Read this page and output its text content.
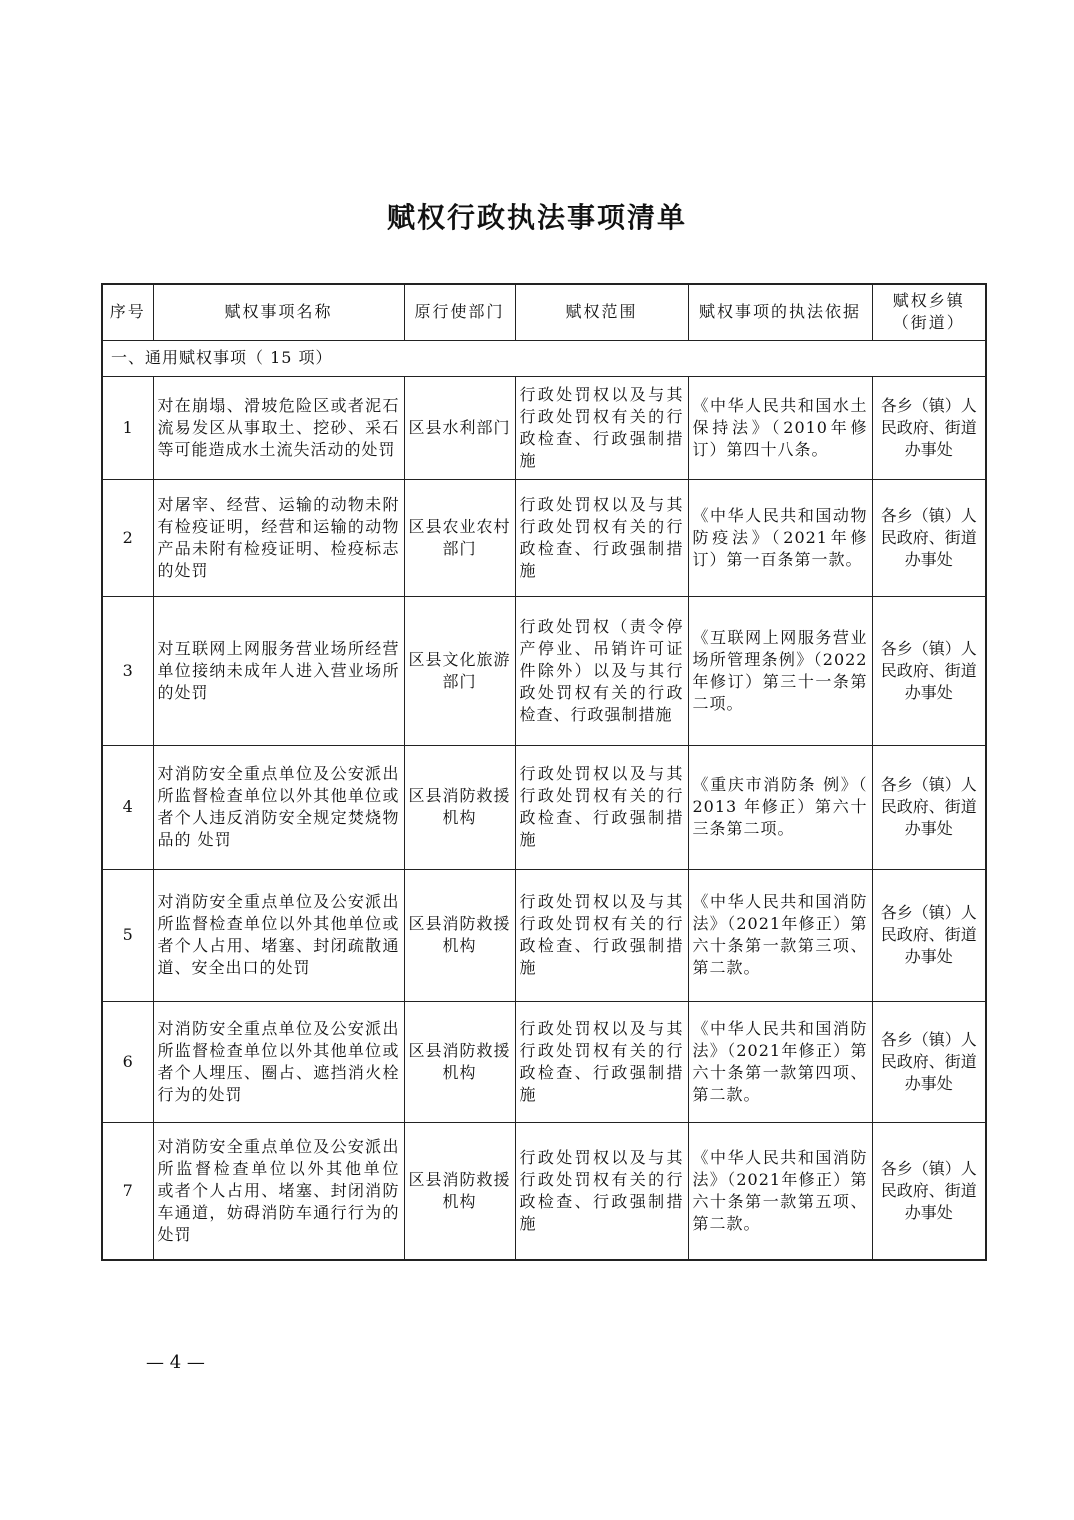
赋权行政执法事项清单
序号	赋权事项名称	原行使部门	赋权范围	赋权事项的执法依据	赋权乡镇（街道）
一、通用赋权事项（ 15 项）					
1	对在崩塌、滑坡危险区或者泥石流易发区从事取土、挖砂、采石等可能造成水土流失活动的处罚	区县水利部门	行政处罚权以及与其行政处罚权有关的行政检查、行政强制措施	《中华人民共和国水土保持法》（2010年修订）第四十八条。	各乡（镇）人民政府、街道办事处
2	对屠宰、经营、运输的动物未附有检疫证明，经营和运输的动物产品未附有检疫证明、检疫标志的处罚	区县农业农村部门	行政处罚权以及与其行政处罚权有关的行政检查、行政强制措施	《中华人民共和国动物防疫法》（2021年修订）第一百条第一款。	各乡（镇）人民政府、街道办事处
3	对互联网上网服务营业场所经营单位接纳未成年人进入营业场所的处罚	区县文化旅游部门	行政处罚权（责令停产停业、吊销许可证件除外）以及与其行政处罚权有关的行政检查、行政强制措施	《互联网上网服务营业场所管理条例》（2022 年修订）第三十一条第二项。	各乡（镇）人民政府、街道办事处
4	对消防安全重点单位及公安派出所监督检查单位以外其他单位或者个人违反消防安全规定焚烧物品的 处罚	区县消防救援机构	行政处罚权以及与其行政处罚权有关的行政检查、行政强制措施	《重庆市消防条 例》（ 2013 年修正）第六十三条第二项。	各乡（镇）人民政府、街道办事处
5	对消防安全重点单位及公安派出所监督检查单位以外其他单位或者个人占用、堵塞、封闭疏散通道、安全出口的处罚	区县消防救援机构	行政处罚权以及与其行政处罚权有关的行政检查、行政强制措施	《中华人民共和国消防法》（2021年修正）第六十条第一款第三项、第二款。	各乡（镇）人民政府、街道办事处
6	对消防安全重点单位及公安派出所监督检查单位以外其他单位或者个人埋压、圈占、遮挡消火栓行为的处罚	区县消防救援机构	行政处罚权以及与其行政处罚权有关的行政检查、行政强制措施	《中华人民共和国消防法》（2021年修正）第六十条第一款第四项、第二款。	各乡（镇）人民政府、街道办事处
7	对消防安全重点单位及公安派出所监督检查单位以外其他单位 或者个人占用、堵塞、封闭消防车通道，妨碍消防车通行行为的处罚	区县消防救援机构	行政处罚权以及与其行政处罚权有关的行政检查、行政强制措施	《中华人民共和国消防法》（2021年修正）第六十条第一款第五项、第二款。	各乡（镇）人民政府、街道办事处
— 4 —
